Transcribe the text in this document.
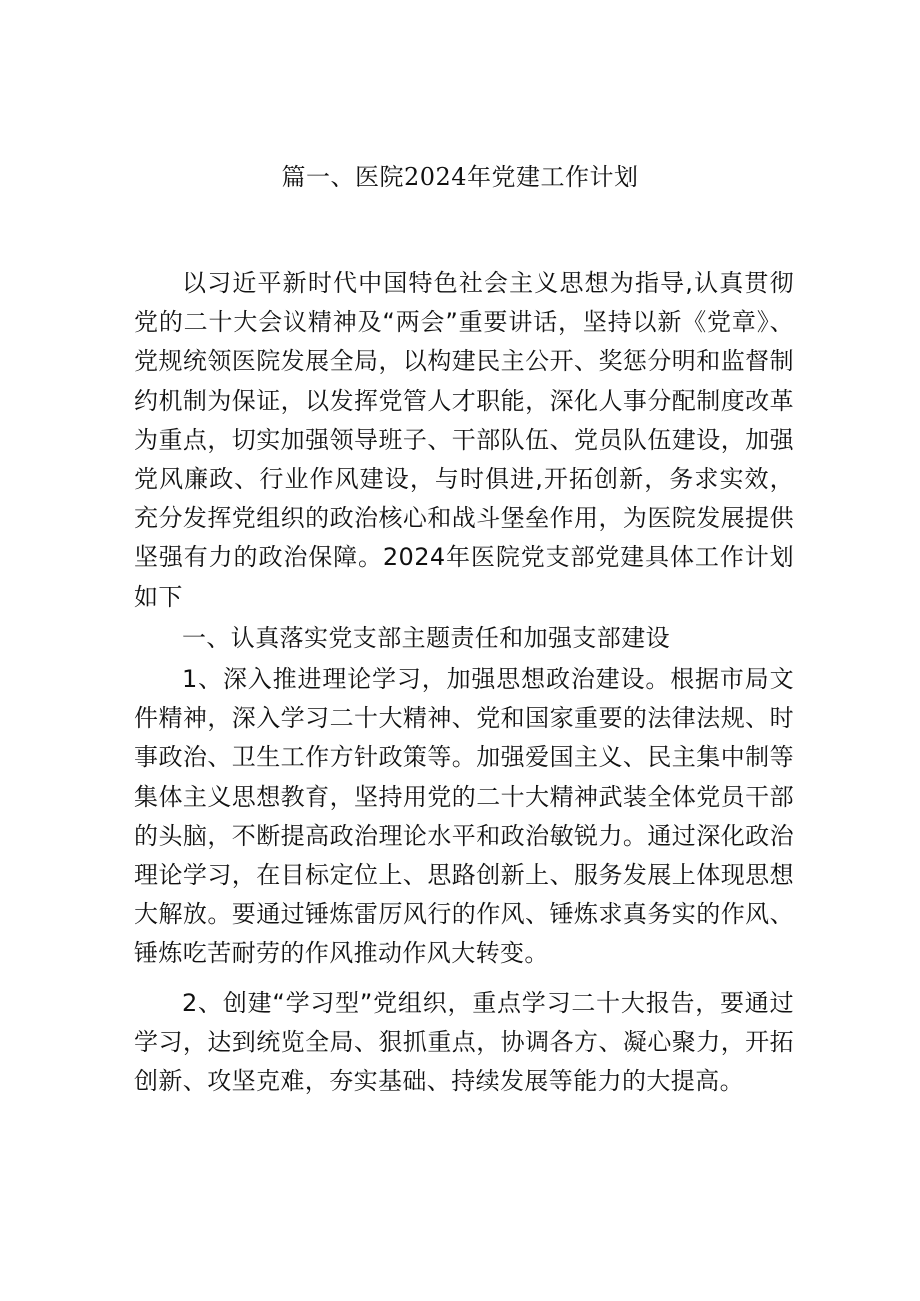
篇一、医院2024年党建工作计划

以习近平新时代中国特色社会主义思想为指导,认真贯彻党的二十大会议精神及“两会”重要讲话，坚持以新《党章》、党规统领医院发展全局，以构建民主公开、奖惩分明和监督制约机制为保证，以发挥党管人才职能，深化人事分配制度改革为重点，切实加强领导班子、干部队伍、党员队伍建设，加强党风廉政、行业作风建设，与时俱进,开拓创新，务求实效，充分发挥党组织的政治核心和战斗堡垒作用，为医院发展提供坚强有力的政治保障。2024年医院党支部党建具体工作计划如下

一、认真落实党支部主题责任和加强支部建设

1、深入推进理论学习，加强思想政治建设。根据市局文件精神，深入学习二十大精神、党和国家重要的法律法规、时事政治、卫生工作方针政策等。加强爱国主义、民主集中制等集体主义思想教育，坚持用党的二十大精神武装全体党员干部的头脑，不断提高政治理论水平和政治敏锐力。通过深化政治理论学习，在目标定位上、思路创新上、服务发展上体现思想大解放。要通过锤炼雷厉风行的作风、锤炼求真务实的作风、锤炼吃苦耐劳的作风推动作风大转变。

2、创建“学习型”党组织，重点学习二十大报告，要通过学习，达到统览全局、狠抓重点，协调各方、凝心聚力，开拓创新、攻坚克难，夯实基础、持续发展等能力的大提高。
